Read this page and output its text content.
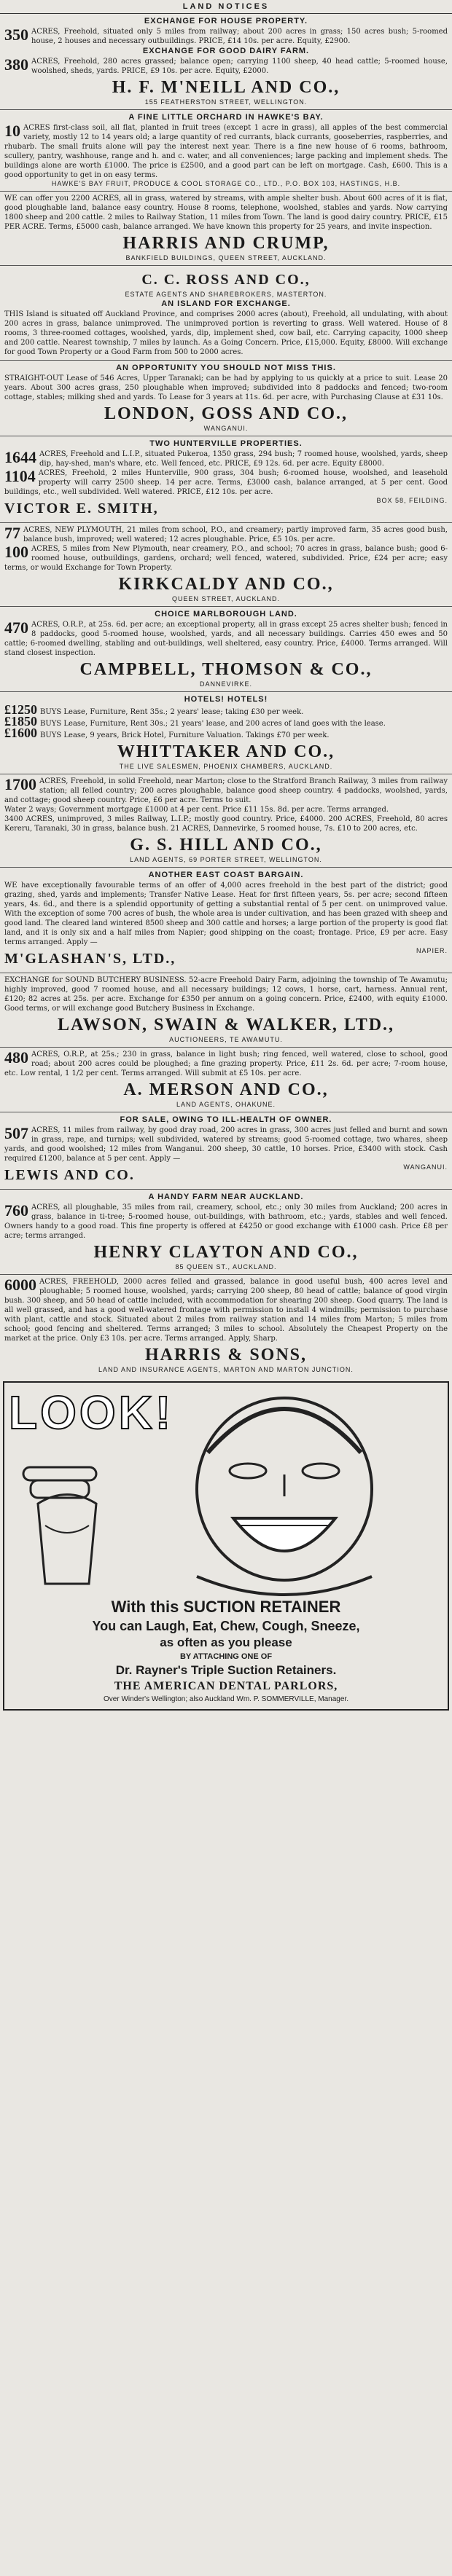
LAND NOTICES
EXCHANGE FOR HOUSE PROPERTY.
350 ACRES, Freehold, situated only 5 miles from railway; about 200 acres in grass; 150 acres bush; 5-roomed house, 2 houses and necessary outbuildings. PRICE, £14 10s. per acre. Equity, £2900.
EXCHANGE FOR GOOD DAIRY FARM.
380 ACRES, Freehold, 280 acres grassed; balance open; carrying 1100 sheep, 40 head cattle; 5-roomed house, woolshed, sheds, yards. PRICE, £9 10s. per acre. Equity, £2000.
H. F. M'NEILL AND CO.,
155 FEATHERSTON STREET, WELLINGTON.
A FINE LITTLE ORCHARD IN HAWKE'S BAY.
10 ACRES first-class soil, all flat, planted in fruit trees (except 1 acre in grass), all apples of the best commercial variety, mostly 12 to 14 years old; a large quantity of red currants, black currants, gooseberries, raspberries, and rhubarb. The small fruits alone will pay the interest next year. There is a fine new house of 6 rooms, bathroom, scullery, pantry, washhouse, range and h. and c. water, and all conveniences; large packing and implement sheds. The buildings alone are worth £1000. The price is £2500, and a good part can be left on mortgage. Cash, £600. This is a good opportunity to get in on easy terms.
HAWKE'S BAY FRUIT, PRODUCE & COOL STORAGE CO., LTD., P.O. BOX 103, HASTINGS, H.B.
WE can offer you 2200 ACRES, all in grass, watered by streams, with ample shelter bush. About 600 acres of it is flat, good ploughable land, balance easy country. House 8 rooms, telephone, woolshed, stables and yards. Now carrying 1800 sheep and 200 cattle. 2 miles to Railway Station, 11 miles from Town. The land is good dairy country. PRICE, £15 PER ACRE. Terms, £5000 cash, balance arranged. We have known this property for 25 years, and invite inspection.
HARRIS AND CRUMP,
BANKFIELD BUILDINGS, QUEEN STREET, AUCKLAND.
C. C. ROSS AND CO.,
ESTATE AGENTS AND SHAREBROKERS, MASTERTON.
AN ISLAND FOR EXCHANGE.
THIS Island is situated off Auckland Province, and comprises 2000 acres (about), Freehold, all undulating, with about 200 acres in grass, balance unimproved. The unimproved portion is reverting to grass. Well watered. House of 8 rooms, 3 three-roomed cottages, woolshed, yards, dip, implement shed, cow bail, etc. Carrying capacity, 1000 sheep and 200 cattle. Nearest township, 7 miles by launch. As a Going Concern. Price, £15,000. Equity, £8000. Will exchange for good Town Property or a Good Farm from 500 to 2000 acres.
AN OPPORTUNITY YOU SHOULD NOT MISS THIS.
STRAIGHT-OUT Lease of 546 Acres, Upper Taranaki; can be had by applying to us quickly at a price to suit. Lease 20 years. About 300 acres grass, 250 ploughable when improved; subdivided into 8 paddocks and fenced; two-room cottage, stables; milking shed and yards. To Lease for 3 years at 11s. 6d. per acre, with Purchasing Clause at £31 10s.
LONDON, GOSS AND CO.,
WANGANUI.
TWO HUNTERVILLE PROPERTIES.
1644 ACRES, Freehold and L.I.P., situated Pukeroa, 1350 grass, 294 bush; 7 roomed house, woolshed, yards, sheep dip, hay-shed, man's whare, etc. Well fenced, etc. PRICE, £9 12s. 6d. per acre. Equity £8000.
1104 ACRES, Freehold, 2 miles Hunterville, 900 grass, 304 bush; 6-roomed house, woolshed, and leasehold property will carry 2500 sheep. 14 per acre. Terms, £3000 cash, balance arranged, at 5 per cent. Good buildings, etc., well subdivided. Well watered. PRICE, £12 10s. per acre.
VICTOR E. SMITH,	BOX 58, FEILDING.
77 ACRES, NEW PLYMOUTH, 21 miles from school, P.O., and creamery; partly improved farm, 35 acres good bush, balance bush, improved; well watered; 12 acres ploughable. Price, £5 10s. per acre.
100 ACRES, 5 miles from New Plymouth, near creamery, P.O., and school; 70 acres in grass, balance bush; good 6-roomed house, outbuildings, gardens, orchard; well fenced, watered, subdivided. Price, £24 per acre; easy terms, or would Exchange for Town Property.
KIRKCALDY AND CO.,
QUEEN STREET, AUCKLAND.
CHOICE MARLBOROUGH LAND.
470 ACRES, O.R.P., at 25s. 6d. per acre; an exceptional property, all in grass except 25 acres shelter bush; fenced in 8 paddocks, good 5-roomed house, woolshed, yards, and all necessary buildings. Carries 450 ewes and 50 cattle; 6-roomed dwelling, stabling and out-buildings, well sheltered, easy country. Price, £4000. Terms arranged. Will stand closest inspection.
CAMPBELL, THOMSON & CO.,
DANNEVIRKE.
HOTELS! HOTELS!
£1250 BUYS Lease, Furniture, Rent 35s.; 2 years' lease; taking £30 per week.
£1850 BUYS Lease, Furniture, Rent 30s.; 21 years' lease, and 200 acres of land goes with the lease.
£1600 BUYS Lease, 9 years, Brick Hotel, Furniture Valuation. Takings £70 per week.
WHITTAKER AND CO.,
THE LIVE SALESMEN, PHOENIX CHAMBERS, AUCKLAND.
1700 ACRES, Freehold, in solid Freehold, near Marton; close to the Stratford Branch Railway, 3 miles from railway station; all felled country; 200 acres ploughable, balance good sheep country. 4 paddocks, woolshed, yards, and cottage; good sheep country. Price, £6 per acre. Terms to suit.
Water 2 ways; Government mortgage £1000 at 4 per cent. Price £11 15s. 8d. per acre. Terms arranged.
3400 ACRES, unimproved, 3 miles Railway, L.I.P.; mostly good country. Price, £4000. 200 ACRES, Freehold, 80 acres Kereru, Taranaki, 30 in grass, balance bush. 21 ACRES, Dannevirke, 5 roomed house, 7s. £10 to 200 acres, etc.
G. S. HILL AND CO.,
LAND AGENTS, 69 PORTER STREET, WELLINGTON.
ANOTHER EAST COAST BARGAIN.
WE have exceptionally favourable terms of an offer of 4,000 acres freehold in the best part of the district; good grazing, shed, yards and implements; Transfer Native Lease. Heat for first fifteen years, 5s. per acre; second fifteen years, 4s. 6d., and there is a splendid opportunity of getting a substantial rental of 5 per cent. on unimproved value. With the exception of some 700 acres of bush, the whole area is under cultivation, and has been grazed with sheep and good land. The cleared land wintered 8500 sheep and 300 cattle and horses; a large portion of the property is good flat land, and it is only six and a half miles from Napier; good shipping on the coast; frontage. Price, £9 per acre. Easy terms arranged. Apply —
M'GLASHAN'S, LTD.,	NAPIER.
EXCHANGE for SOUND BUTCHERY BUSINESS. 52-acre Freehold Dairy Farm, adjoining the township of Te Awamutu; highly improved, good 7 roomed house, and all necessary buildings; 12 cows, 1 horse, cart, harness. Annual rent, £120; 82 acres at 25s. per acre. Exchange for £350 per annum on a going concern. Price, £2400, with equity £1000. Good terms, or will exchange good Butchery Business in Exchange.
LAWSON, SWAIN & WALKER, LTD.,
AUCTIONEERS, TE AWAMUTU.
480 ACRES, O.R.P., at 25s.; 230 in grass, balance in light bush; ring fenced, well watered, close to school, good road; about 200 acres could be ploughed; a fine grazing property. Price, £11 2s. 6d. per acre; 7-room house, etc. Low rental, 1 1/2 per cent. Terms arranged. Will submit at £5 10s. per acre.
A. MERSON AND CO.,
LAND AGENTS, OHAKUNE.
FOR SALE, OWING TO ILL-HEALTH OF OWNER.
507 ACRES, 11 miles from railway, by good dray road, 200 acres in grass, 300 acres just felled and burnt and sown in grass, rape, and turnips; well subdivided, watered by streams; good 5-roomed cottage, two whares, sheep yards, and good woolshed; 12 miles from Wanganui. 200 sheep, 30 cattle, 10 horses. Price, £3400 with stock. Cash required £1200, balance at 5 per cent. Apply —
LEWIS AND CO.	WANGANUI.
A HANDY FARM NEAR AUCKLAND.
760 ACRES, all ploughable, 35 miles from rail, creamery, school, etc.; only 30 miles from Auckland; 200 acres in grass, balance in ti-tree; 5-roomed house, out-buildings, with bathroom, etc.; yards, stables and well fenced. Owners handy to a good road. This fine property is offered at £4250 or good exchange with £1000 cash. Price £8 per acre; terms arranged.
HENRY CLAYTON AND CO.,
85 QUEEN ST., AUCKLAND.
6000 ACRES, FREEHOLD, 2000 acres felled and grassed, balance in good useful bush, 400 acres level and ploughable; 5 roomed house, woolshed, yards; carrying 200 sheep, 80 head of cattle; balance of good virgin bush. 300 sheep, and 50 head of cattle included, with accommodation for shearing 200 sheep. Good quarry. The land is all well grassed, and has a good well-watered frontage with permission to install 4 windmills; permission to purchase with plant, cattle and stock. Situated about 2 miles from railway station and 14 miles from Marton; 5 miles from school; good fencing and sheltered. Terms arranged; 3 miles to school. Absolutely the Cheapest Property on the market at the price. Only £3 10s. per acre. Terms arranged. Apply, Sharp.
HARRIS & SONS,
LAND AND INSURANCE AGENTS, MARTON AND MARTON JUNCTION.
LOOK!
With this SUCTION RETAINER
You can Laugh, Eat, Chew, Cough, Sneeze,
as often as you please
BY ATTACHING ONE OF
Dr. Rayner's Triple Suction Retainers.
THE AMERICAN DENTAL PARLORS,
Over Winder's Wellington; also Auckland Wm. P. SOMMERVILLE, Manager.
